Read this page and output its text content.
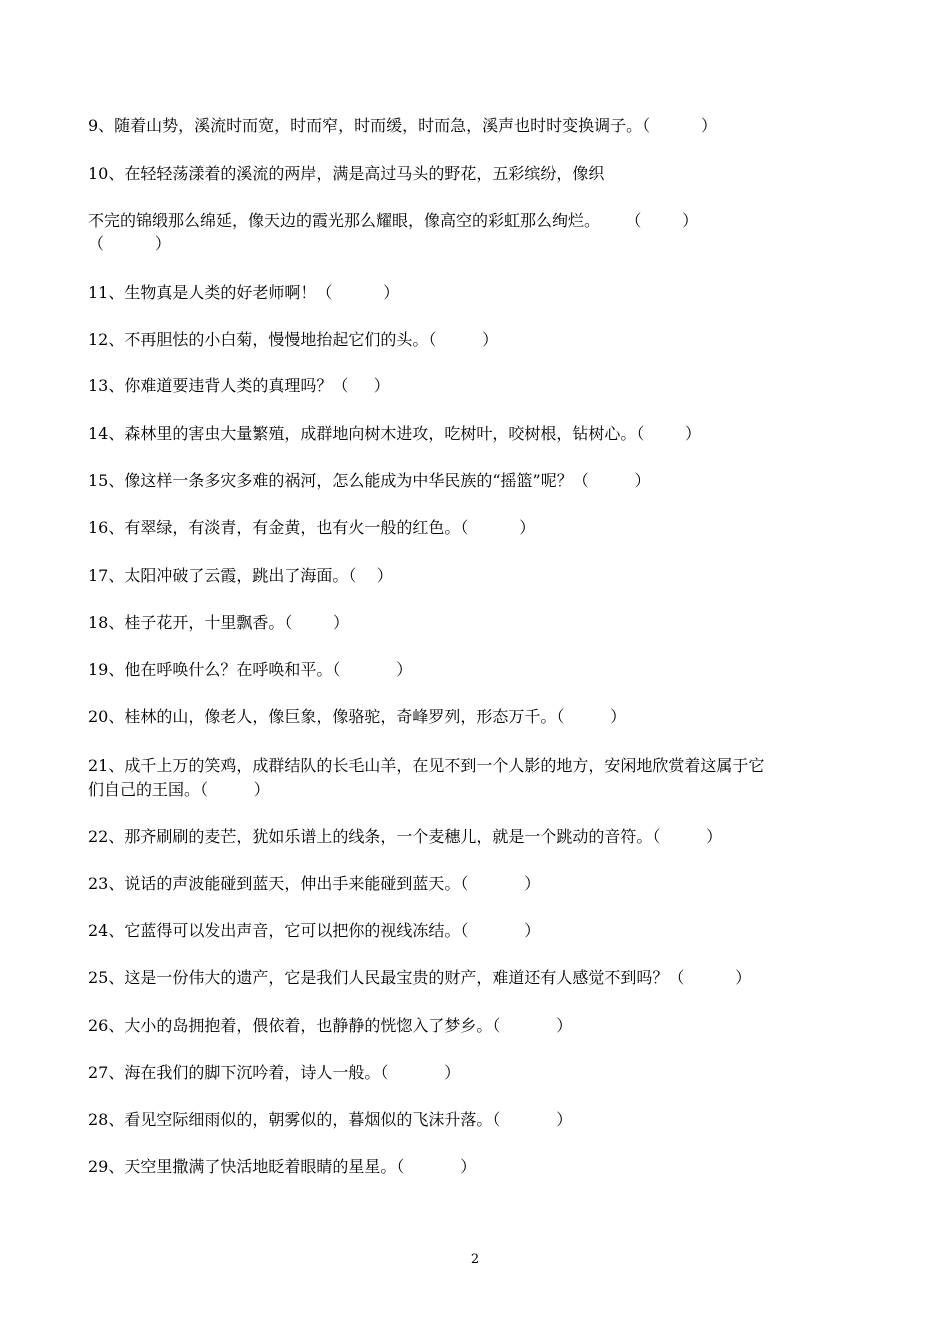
9、随着山势，溪流时而宽，时而窄，时而缓，时而急，溪声也时时变换调子。（          ）
10、在轻轻荡漾着的溪流的两岸，满是高过马头的野花，五彩缤纷，像织
不完的锦缎那么绵延，像天边的霞光那么耀眼，像高空的彩虹那么绚烂。     （        ）
（          ）
11、生物真是人类的好老师啊！（          ）
12、不再胆怯的小白菊，慢慢地抬起它们的头。（         ）
13、你难道要违背人类的真理吗？（     ）
14、森林里的害虫大量繁殖，成群地向树木进攻，吃树叶，咬树根，钻树心。（        ）
15、像这样一条多灾多难的祸河，怎么能成为中华民族的“摇篮”呢？（         ）
16、有翠绿，有淡青，有金黄，也有火一般的红色。（          ）
17、太阳冲破了云霞，跳出了海面。（    ）
18、桂子花开，十里飘香。（        ）
19、他在呼唤什么？在呼唤和平。（           ）
20、桂林的山，像老人，像巨象，像骆驼，奇峰罗列，形态万千。（         ）
21、成千上万的笑鸡，成群结队的长毛山羊，在见不到一个人影的地方，安闲地欣赏着这属于它
们自己的王国。（         ）
22、那齐刷刷的麦芒，犹如乐谱上的线条，一个麦穗儿，就是一个跳动的音符。（         ）
23、说话的声波能碰到蓝天，伸出手来能碰到蓝天。（           ）
24、它蓝得可以发出声音，它可以把你的视线冻结。（           ）
25、这是一份伟大的遗产，它是我们人民最宝贵的财产，难道还有人感觉不到吗？（          ）
26、大小的岛拥抱着，偎依着，也静静的恍惚入了梦乡。（           ）
27、海在我们的脚下沉吟着，诗人一般。（           ）
28、看见空际细雨似的，朝雾似的，暮烟似的飞沫升落。（           ）
29、天空里撒满了快活地眨着眼睛的星星。（           ）
2
